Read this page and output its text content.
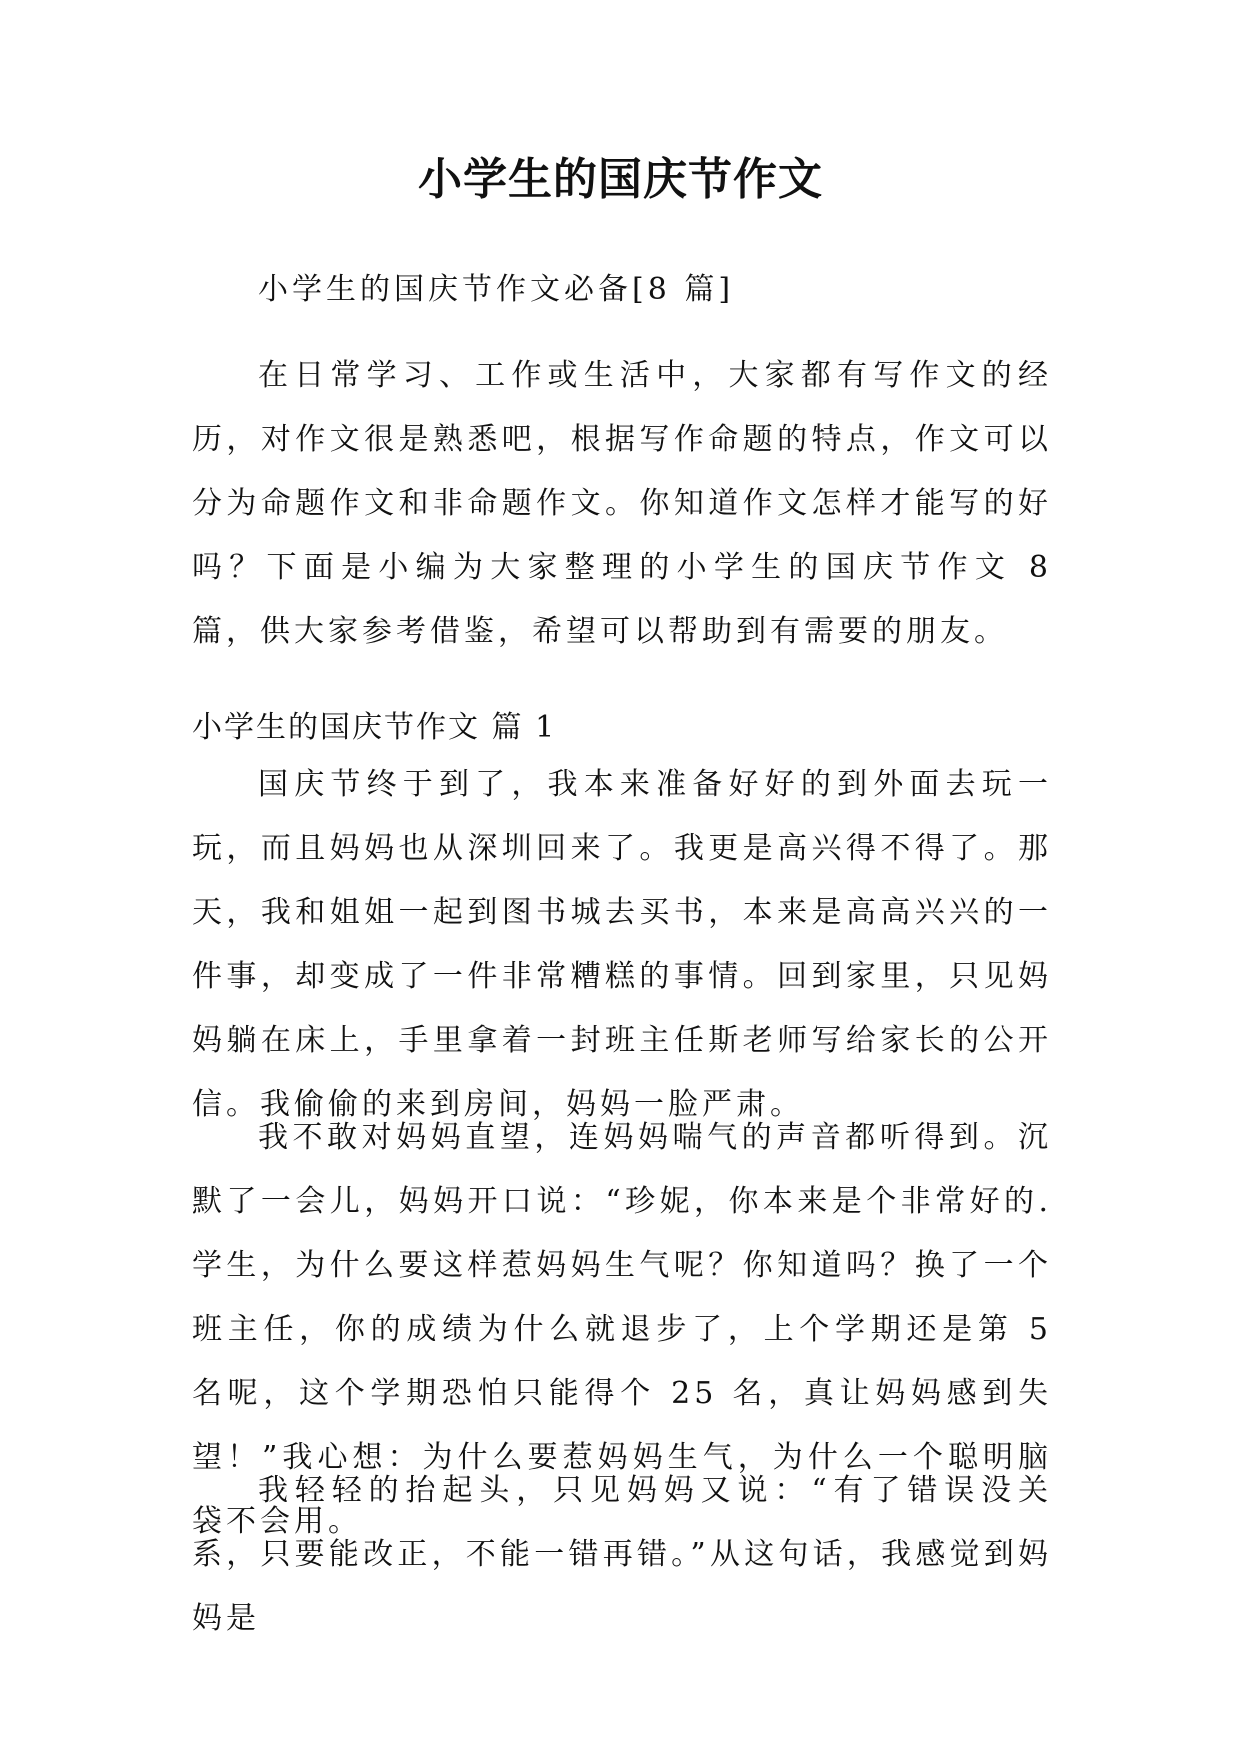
小学生的国庆节作文

小学生的国庆节作文必备[8 篇]

在日常学习、工作或生活中，大家都有写作文的经历，对作文很是熟悉吧，根据写作命题的特点，作文可以分为命题作文和非命题作文。你知道作文怎样才能写的好吗？下面是小编为大家整理的小学生的国庆节作文 8 篇，供大家参考借鉴，希望可以帮助到有需要的朋友。

小学生的国庆节作文 篇 1

国庆节终于到了，我本来准备好好的到外面去玩一玩，而且妈妈也从深圳回来了。我更是高兴得不得了。那天，我和姐姐一起到图书城去买书，本来是高高兴兴的一件事，却变成了一件非常糟糕的事情。回到家里，只见妈妈躺在床上，手里拿着一封班主任斯老师写给家长的公开信。我偷偷的来到房间，妈妈一脸严肃。

我不敢对妈妈直望，连妈妈喘气的声音都听得到。沉默了一会儿，妈妈开口说：“珍妮，你本来是个非常好的.学生，为什么要这样惹妈妈生气呢？你知道吗？换了一个班主任，你的成绩为什么就退步了，上个学期还是第 5 名呢，这个学期恐怕只能得个 25 名，真让妈妈感到失望！”我心想：为什么要惹妈妈生气，为什么一个聪明脑袋不会用。

我轻轻的抬起头，只见妈妈又说：“有了错误没关系，只要能改正，不能一错再错。”从这句话，我感觉到妈妈是
